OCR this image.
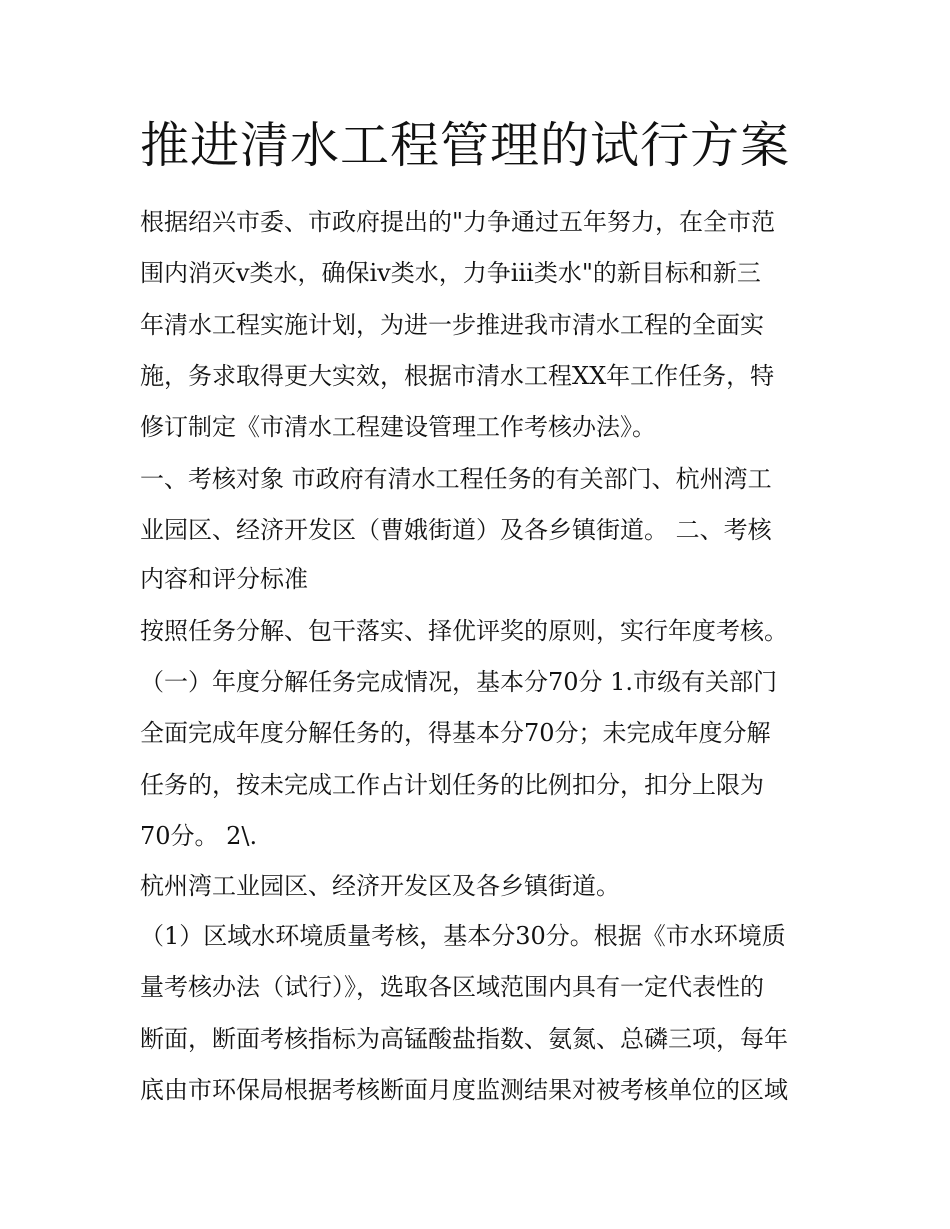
推进清水工程管理的试行方案

根据绍兴市委、市政府提出的"力争通过五年努力，在全市范

围内消灭ⅴ类水，确保ⅳ类水，力争ⅲ类水"的新目标和新三

年清水工程实施计划，为进一步推进我市清水工程的全面实

施，务求取得更大实效，根据市清水工程XX年工作任务，特

修订制定《市清水工程建设管理工作考核办法》。

一、考核对象 市政府有清水工程任务的有关部门、杭州湾工

业园区、经济开发区（曹娥街道）及各乡镇街道。 二、考核

内容和评分标准

按照任务分解、包干落实、择优评奖的原则，实行年度考核。

（一）年度分解任务完成情况，基本分70分 1.市级有关部门

全面完成年度分解任务的，得基本分70分；未完成年度分解

任务的，按未完成工作占计划任务的比例扣分，扣分上限为

70分。 2\.

杭州湾工业园区、经济开发区及各乡镇街道。

（1）区域水环境质量考核，基本分30分。根据《市水环境质

量考核办法（试行）》，选取各区域范围内具有一定代表性的

断面，断面考核指标为高锰酸盐指数、氨氮、总磷三项，每年

底由市环保局根据考核断面月度监测结果对被考核单位的区域
